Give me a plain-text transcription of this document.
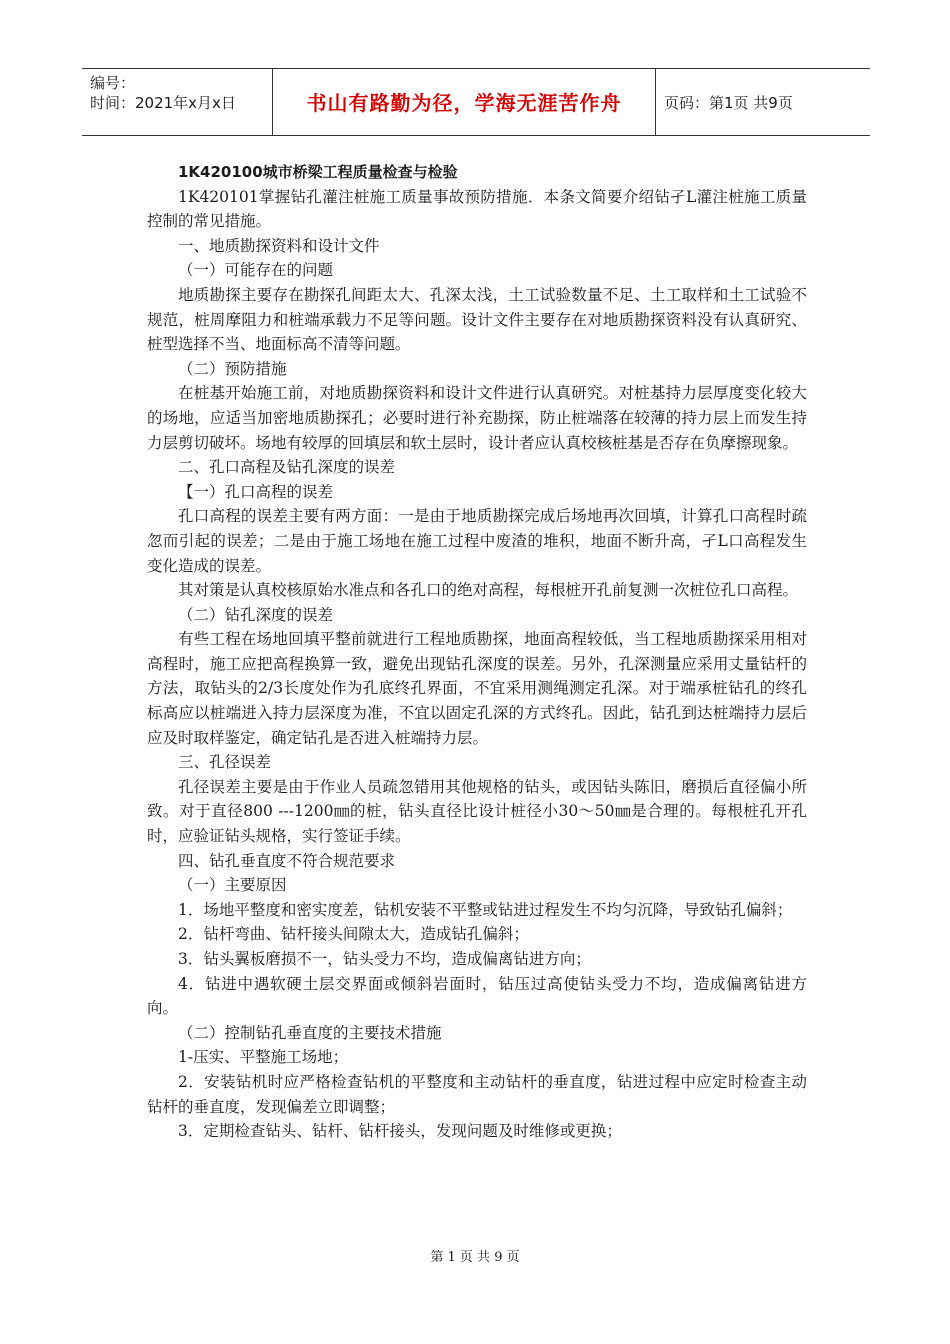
编号：
时间：2021年x月x日	书山有路勤为径，学海无涯苦作舟	页码：第1页 共9页

1K420100城市桥梁工程质量检查与检验

1K420101掌握钻孔灌注桩施工质量事故预防措施．本条文简要介绍钻孑L灌注桩施工质量控制的常见措施。

一、地质勘探资料和设计文件

（一）可能存在的问题

地质勘探主要存在勘探孔间距太大、孔深太浅，土工试验数量不足、土工取样和土工试验不规范，桩周摩阻力和桩端承载力不足等问题。设计文件主要存在对地质勘探资料没有认真研究、桩型选择不当、地面标高不清等问题。

（二）预防措施

在桩基开始施工前，对地质勘探资料和设计文件进行认真研究。对桩基持力层厚度变化较大的场地，应适当加密地质勘探孔；必要时进行补充勘探，防止桩端落在较薄的持力层上而发生持力层剪切破坏。场地有较厚的回填层和软土层时，设计者应认真校核桩基是否存在负摩擦现象。

二、孔口高程及钻孔深度的误差

【一）孔口高程的误差

孔口高程的误差主要有两方面：一是由于地质勘探完成后场地再次回填，计算孔口高程时疏忽而引起的误差；二是由于施工场地在施工过程中废渣的堆积，地面不断升高，孑L口高程发生变化造成的误差。

其对策是认真校核原始水准点和各孔口的绝对高程，每根桩开孔前复测一次桩位孔口高程。

（二）钻孔深度的误差

有些工程在场地回填平整前就进行工程地质勘探，地面高程较低，当工程地质勘探采用相对高程时，施工应把高程换算一致，避免出现钻孔深度的误差。另外，孔深测量应采用丈量钻杆的方法，取钻头的2/3长度处作为孔底终孔界面，不宜采用测绳测定孔深。对于端承桩钻孔的终孔标高应以桩端进入持力层深度为准，不宜以固定孔深的方式终孔。因此，钻孔到达桩端持力层后应及时取样鉴定，确定钻孔是否进入桩端持力层。

三、孔径误差

孔径误差主要是由于作业人员疏忽错用其他规格的钻头，或因钻头陈旧，磨损后直径偏小所致。对于直径800 ---1200㎜的桩，钻头直径比设计桩径小30～50㎜是合理的。每根桩孔开孔时，应验证钻头规格，实行签证手续。

四、钻孔垂直度不符合规范要求

（一）主要原因

1．场地平整度和密实度差，钻机安装不平整或钻进过程发生不均匀沉降，导致钻孔偏斜；

2．钻杆弯曲、钻杆接头间隙太大，造成钻孔偏斜；

3．钻头翼板磨损不一，钻头受力不均，造成偏离钻进方向；

4．钻进中遇软硬土层交界面或倾斜岩面时，钻压过高使钻头受力不均，造成偏离钻进方向。

（二）控制钻孔垂直度的主要技术措施

1-压实、平整施工场地；

2．安装钻机时应严格检查钻机的平整度和主动钻杆的垂直度，钻进过程中应定时检查主动钻杆的垂直度，发现偏差立即调整；

3．定期检查钻头、钻杆、钻杆接头，发现问题及时维修或更换；

第 1 页 共 9 页
